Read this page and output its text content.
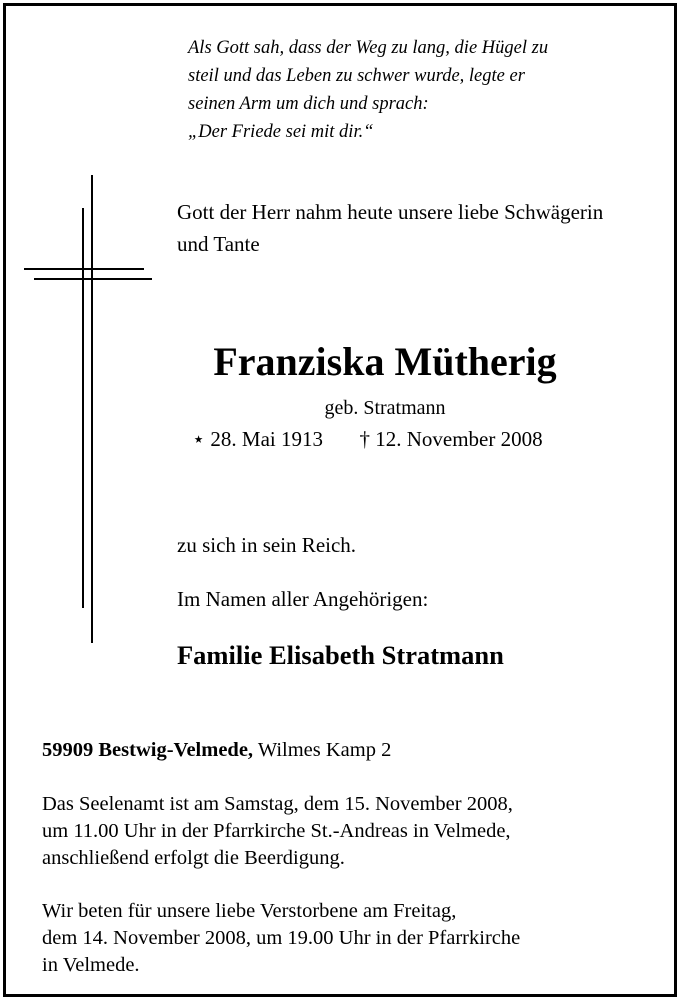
Als Gott sah, dass der Weg zu lang, die Hügel zu
steil und das Leben zu schwer wurde, legte er
seinen Arm um dich und sprach:
„Der Friede sei mit dir.“
Gott der Herr nahm heute unsere liebe Schwägerin
und Tante
Franziska Mütherig
geb. Stratmann
⋆ 28. Mai 1913 † 12. November 2008
zu sich in sein Reich.
Im Namen aller Angehörigen:
Familie Elisabeth Stratmann
59909 Bestwig-Velmede, Wilmes Kamp 2
Das Seelenamt ist am Samstag, dem 15. November 2008,
um 11.00 Uhr in der Pfarrkirche St.-Andreas in Velmede,
anschließend erfolgt die Beerdigung.
Wir beten für unsere liebe Verstorbene am Freitag,
dem 14. November 2008, um 19.00 Uhr in der Pfarrkirche
in Velmede.
